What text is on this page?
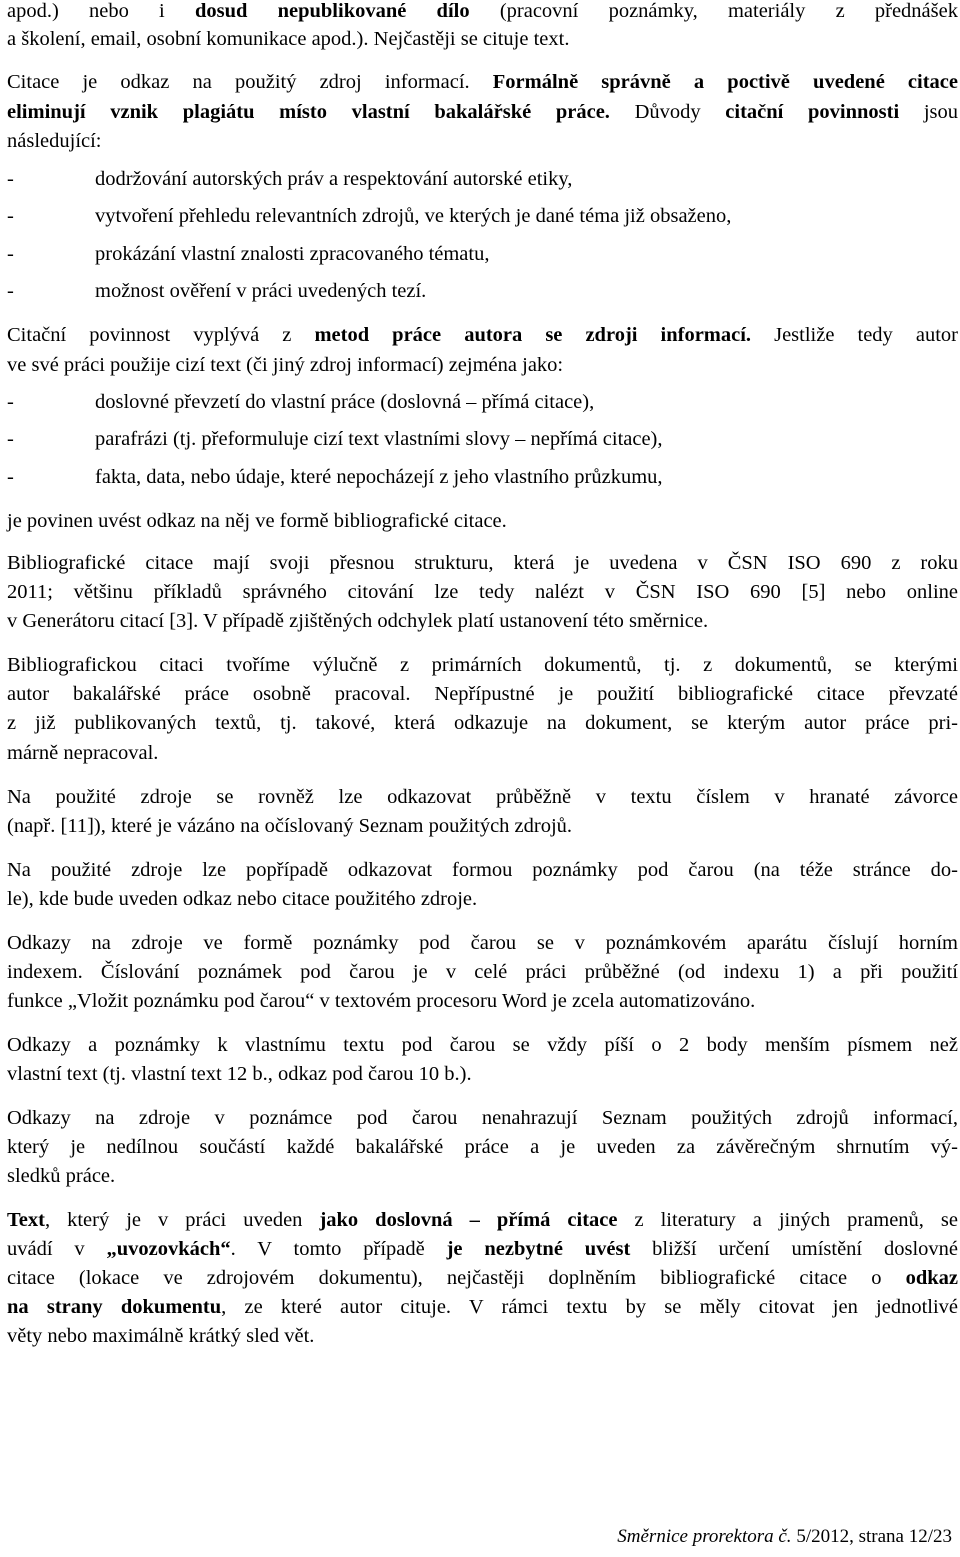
apod.) nebo i dosud nepublikované dílo (pracovní poznámky, materiály z přednášek
a školení, email, osobní komunikace apod.). Nejčastěji se cituje text.
Citace je odkaz na použitý zdroj informací. Formálně správně a poctivě uvedené citace
eliminují vznik plagiátu místo vlastní bakalářské práce. Důvody citační povinnosti jsou
následující:
-	dodržování autorských práv a respektování autorské etiky,
-	vytvoření přehledu relevantních zdrojů, ve kterých je dané téma již obsaženo,
-	prokázání vlastní znalosti zpracovaného tématu,
-	možnost ověření v práci uvedených tezí.
Citační povinnost vyplývá z metod práce autora se zdroji informací. Jestliže tedy autor
ve své práci použije cizí text (či jiný zdroj informací) zejména jako:
-	doslovné převzetí do vlastní práce (doslovná – přímá citace),
-	parafrázi (tj. přeformuluje cizí text vlastními slovy – nepřímá citace),
-	fakta, data, nebo údaje, které nepocházejí z jeho vlastního průzkumu,
je povinen uvést odkaz na něj ve formě bibliografické citace.
Bibliografické citace mají svoji přesnou strukturu, která je uvedena v ČSN ISO 690 z roku
2011; většinu příkladů správného citování lze tedy nalézt v ČSN ISO 690 [5] nebo online
v Generátoru citací [3]. V případě zjištěných odchylek platí ustanovení této směrnice.
Bibliografickou citaci tvoříme výlučně z primárních dokumentů, tj. z dokumentů, se kterými
autor bakalářské práce osobně pracoval. Nepřípustné je použití bibliografické citace převzaté
z již publikovaných textů, tj. takové, která odkazuje na dokument, se kterým autor práce pri-
márně nepracoval.
Na použité zdroje se rovněž lze odkazovat průběžně v textu číslem v hranaté závorce
(např. [11]), které je vázáno na očíslovaný Seznam použitých zdrojů.
Na použité zdroje lze popřípadě odkazovat formou poznámky pod čarou (na téže stránce do-
le), kde bude uveden odkaz nebo citace použitého zdroje.
Odkazy na zdroje ve formě poznámky pod čarou se v poznámkovém aparátu číslují horním
indexem. Číslování poznámek pod čarou je v celé práci průběžné (od indexu 1) a při použití
funkce „Vložit poznámku pod čarou“ v textovém procesoru Word je zcela automatizováno.
Odkazy a poznámky k vlastnímu textu pod čarou se vždy píší o 2 body menším písmem než
vlastní text (tj. vlastní text 12 b., odkaz pod čarou 10 b.).
Odkazy na zdroje v poznámce pod čarou nenahrazují Seznam použitých zdrojů informací,
který je nedílnou součástí každé bakalářské práce a je uveden za závěrečným shrnutím vý-
sledků práce.
Text, který je v práci uveden jako doslovná – přímá citace z literatury a jiných pramenů, se
uvádí v „uvozovkách“. V tomto případě je nezbytné uvést bližší určení umístění doslovné
citace (lokace ve zdrojovém dokumentu), nejčastěji doplněním bibliografické citace o odkaz
na strany dokumentu, ze které autor cituje. V rámci textu by se měly citovat jen jednotlivé
věty nebo maximálně krátký sled vět.
Směrnice prorektora č. 5/2012, strana 12/23
